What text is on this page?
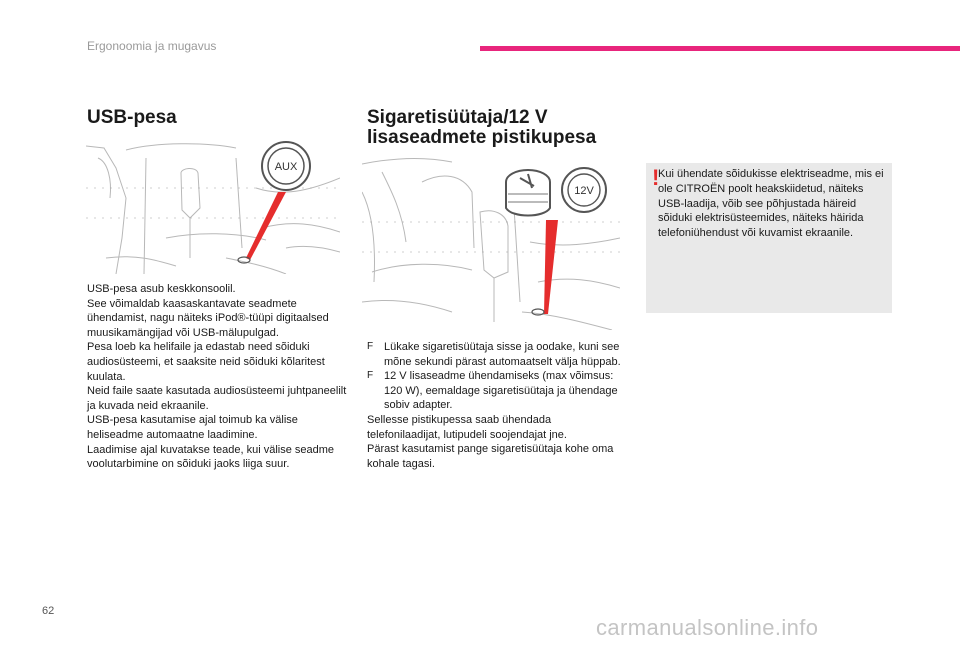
Ergonoomia ja mugavus
USB-pesa
AUX

USB-pesa asub keskkonsoolil.

See võimaldab kaasaskantavate seadmete ühendamist, nagu näiteks iPod®-tüüpi digitaalsed muusikamängijad või USB-mälupulgad.

Pesa loeb ka helifaile ja edastab need sõiduki audiosüsteemi, et saaksite neid sõiduki kõlaritest kuulata.

Neid faile saate kasutada audiosüsteemi juhtpaneelilt ja kuvada neid ekraanile.

USB-pesa kasutamise ajal toimub ka välise heliseadme automaatne laadimine.

Laadimise ajal kuvatakse teade, kui välise seadme voolutarbimine on sõiduki jaoks liiga suur.

Sigaretisüütaja/12 V lisaseadmete pistikupesa
12V
F Lükake sigaretisüütaja sisse ja oodake, kuni see mõne sekundi pärast automaatselt välja hüppab.
F 12 V lisaseadme ühendamiseks (max võimsus: 120 W), eemaldage sigaretisüütaja ja ühendage sobiv adapter.

Sellesse pistikupessa saab ühendada telefonilaadijat, lutipudeli soojendajat jne.

Pärast kasutamist pange sigaretisüütaja kohe oma kohale tagasi.

!
Kui ühendate sõidukisse elektriseadme, mis ei ole CITROËN poolt heakskiidetud, näiteks USB-laadija, võib see põhjustada häireid sõiduki elektrisüsteemides, näiteks häirida telefoniühendust või kuvamist ekraanile.
62
carmanualsonline.info
